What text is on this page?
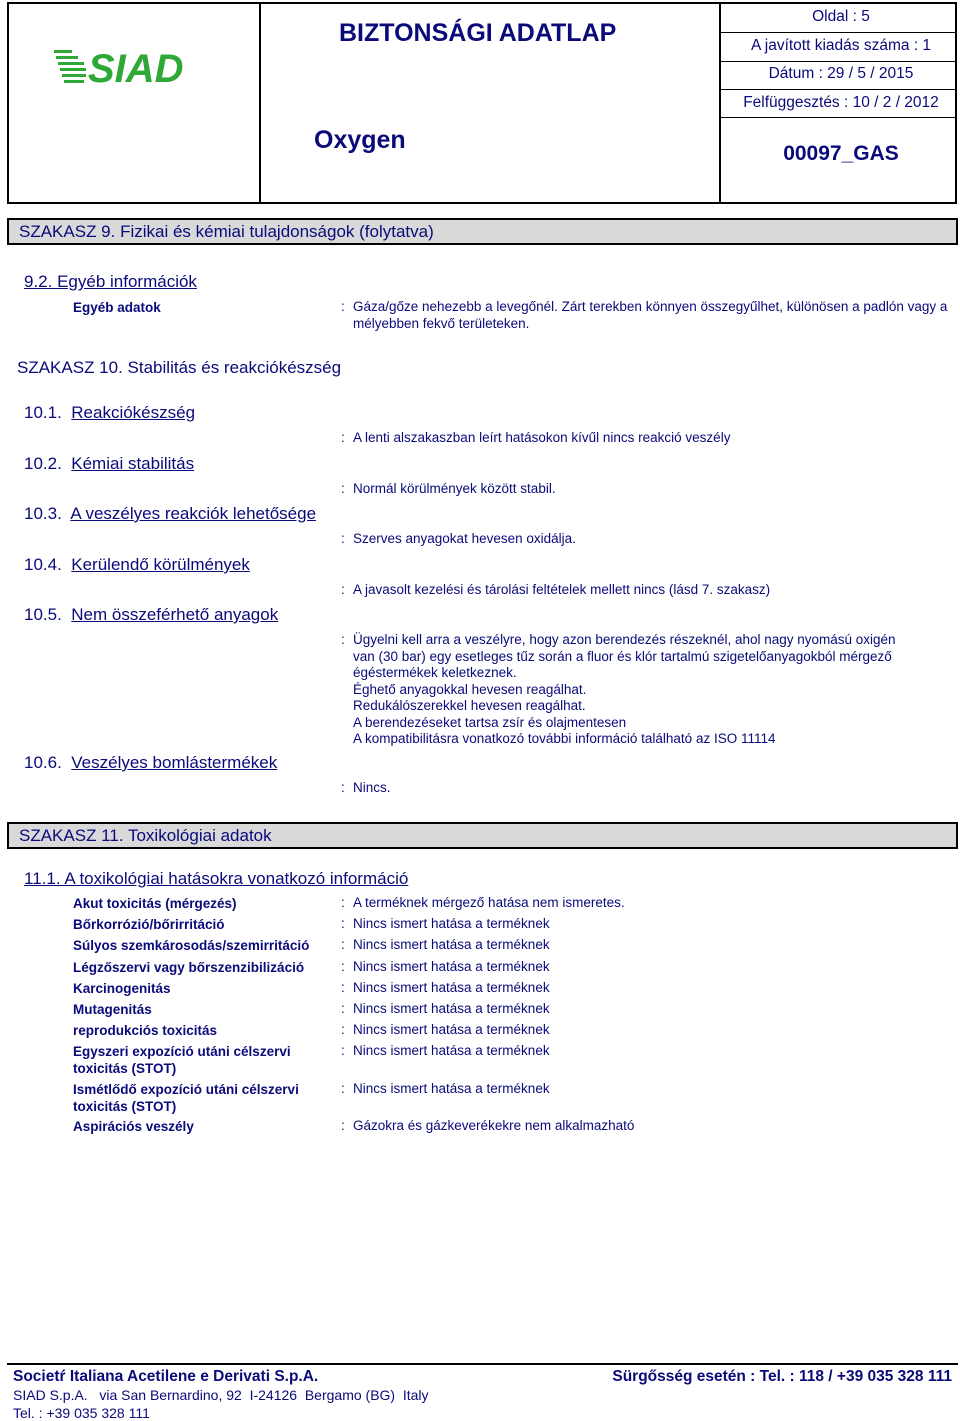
SIAD
BIZTONSÁGI ADATLAP
Oxygen
Oldal : 5
A javított kiadás száma : 1
Dátum : 29 / 5 / 2015
Felfüggesztés : 10 / 2 / 2012
00097_GAS
SZAKASZ 9. Fizikai és kémiai tulajdonságok (folytatva)
9.2. Egyéb információk
Egyéb adatok	: Gáza/gőze nehezebb a levegőnél. Zárt terekben könnyen összegyűlhet, különösen a padlón vagy a mélyebben fekvő területeken.
SZAKASZ 10. Stabilitás és reakciókészség
10.1. Reakciókészség
: A lenti alszakaszban leírt hatásokon kívűl nincs reakció veszély
10.2. Kémiai stabilitás
: Normál körülmények között stabil.
10.3. A veszélyes reakciók lehetősége
: Szerves anyagokat hevesen oxidálja.
10.4. Kerülendő körülmények
: A javasolt kezelési és tárolási feltételek mellett nincs (lásd 7. szakasz)
10.5. Nem összeférhető anyagok
: Ügyelni kell arra a veszélyre, hogy azon berendezés részeknél, ahol nagy nyomású oxigén
van (30 bar) egy esetleges tűz során a fluor és klór tartalmú szigetelőanyagokból mérgező
égéstermékek keletkeznek.
Éghető anyagokkal hevesen reagálhat.
Redukálószerekkel hevesen reagálhat.
A berendezéseket tartsa zsír és olajmentesen
A kompatibilitásra vonatkozó további információ található az ISO 11114
10.6. Veszélyes bomlástermékek
: Nincs.
SZAKASZ 11. Toxikológiai adatok
11.1. A toxikológiai hatásokra vonatkozó információ
Akut toxicitás (mérgezés)	: A terméknek mérgező hatása nem ismeretes.
Bőrkorrózió/bőrirritáció	: Nincs ismert hatása a terméknek
Súlyos szemkárosodás/szemirritáció	: Nincs ismert hatása a terméknek
Légzőszervi vagy bőrszenzibilizáció	: Nincs ismert hatása a terméknek
Karcinogenitás	: Nincs ismert hatása a terméknek
Mutagenitás	: Nincs ismert hatása a terméknek
reprodukciós toxicitás	: Nincs ismert hatása a terméknek
Egyszeri expozíció utáni célszervi toxicitás (STOT)
: Nincs ismert hatása a terméknek
Ismétlődő expozíció utáni célszervi toxicitás (STOT)
: Nincs ismert hatása a terméknek
Aspirációs veszély	: Gázokra és gázkeverékekre nem alkalmazható
Societŕ Italiana Acetilene e Derivati S.p.A.	Sürgősség esetén : Tel. : 118 / +39 035 328 111
SIAD S.p.A.   via San Bernardino, 92  I-24126  Bergamo (BG)  Italy
Tel. : +39 035 328 111
